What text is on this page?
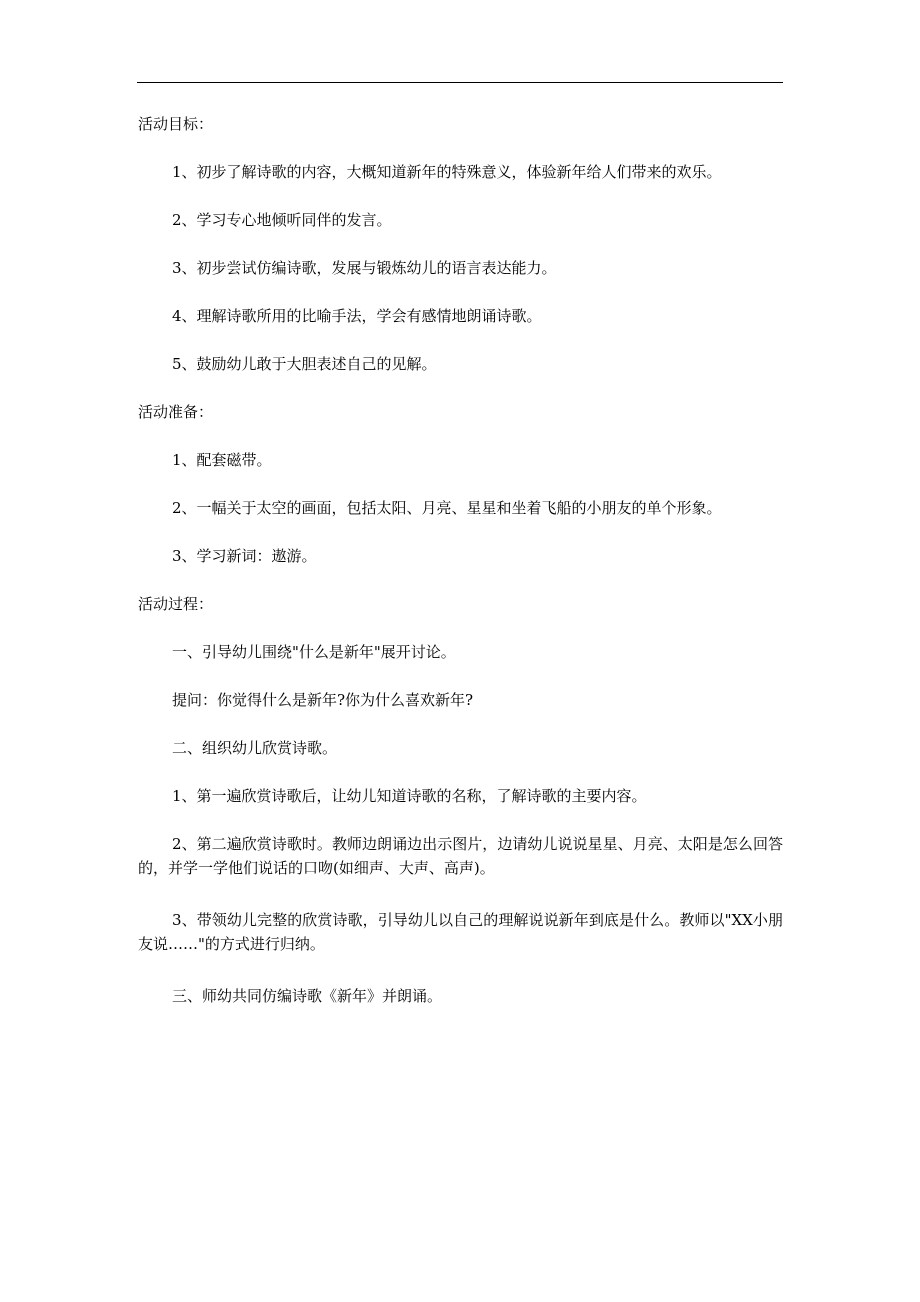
活动目标：
1、初步了解诗歌的内容，大概知道新年的特殊意义，体验新年给人们带来的欢乐。
2、学习专心地倾听同伴的发言。
3、初步尝试仿编诗歌，发展与锻炼幼儿的语言表达能力。
4、理解诗歌所用的比喻手法，学会有感情地朗诵诗歌。
5、鼓励幼儿敢于大胆表述自己的见解。
活动准备：
1、配套磁带。
2、一幅关于太空的画面，包括太阳、月亮、星星和坐着飞船的小朋友的单个形象。
3、学习新词：遨游。
活动过程：
一、引导幼儿围绕"什么是新年"展开讨论。
提问：你觉得什么是新年?你为什么喜欢新年?
二、组织幼儿欣赏诗歌。
1、第一遍欣赏诗歌后，让幼儿知道诗歌的名称，了解诗歌的主要内容。
2、第二遍欣赏诗歌时。教师边朗诵边出示图片，边请幼儿说说星星、月亮、太阳是怎么回答的，并学一学他们说话的口吻(如细声、大声、高声)。
3、带领幼儿完整的欣赏诗歌，引导幼儿以自己的理解说说新年到底是什么。教师以"XX小朋友说……"的方式进行归纳。
三、师幼共同仿编诗歌《新年》并朗诵。
